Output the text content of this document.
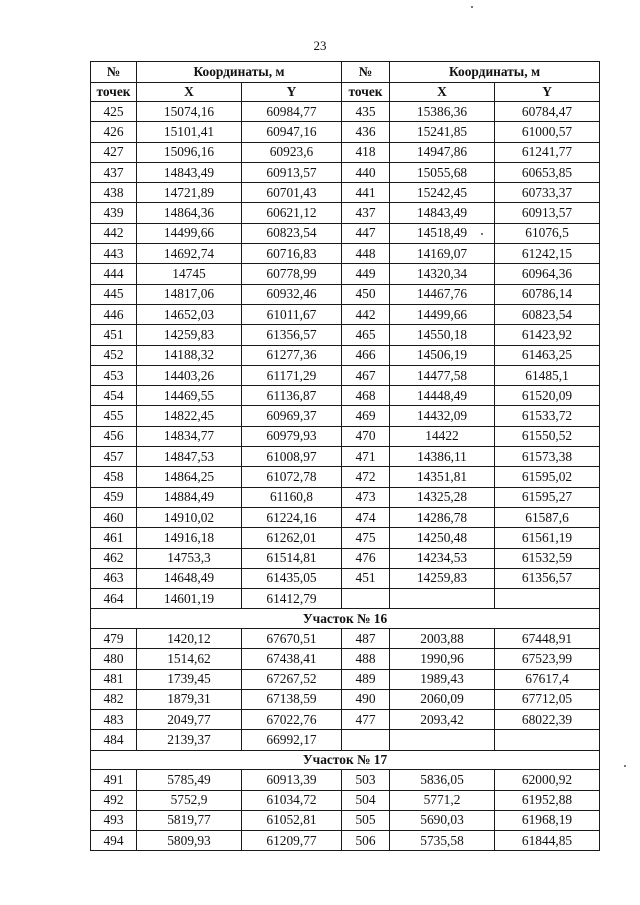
23
№	Координаты, м		№	Координаты, м	
точек	X	Y	точек	X	Y
425	15074,16	60984,77	435	15386,36	60784,47
426	15101,41	60947,16	436	15241,85	61000,57
427	15096,16	60923,6	418	14947,86	61241,77
437	14843,49	60913,57	440	15055,68	60653,85
438	14721,89	60701,43	441	15242,45	60733,37
439	14864,36	60621,12	437	14843,49	60913,57
442	14499,66	60823,54	447	14518,49	61076,5
443	14692,74	60716,83	448	14169,07	61242,15
444	14745	60778,99	449	14320,34	60964,36
445	14817,06	60932,46	450	14467,76	60786,14
446	14652,03	61011,67	442	14499,66	60823,54
451	14259,83	61356,57	465	14550,18	61423,92
452	14188,32	61277,36	466	14506,19	61463,25
453	14403,26	61171,29	467	14477,58	61485,1
454	14469,55	61136,87	468	14448,49	61520,09
455	14822,45	60969,37	469	14432,09	61533,72
456	14834,77	60979,93	470	14422	61550,52
457	14847,53	61008,97	471	14386,11	61573,38
458	14864,25	61072,78	472	14351,81	61595,02
459	14884,49	61160,8	473	14325,28	61595,27
460	14910,02	61224,16	474	14286,78	61587,6
461	14916,18	61262,01	475	14250,48	61561,19
462	14753,3	61514,81	476	14234,53	61532,59
463	14648,49	61435,05	451	14259,83	61356,57
464	14601,19	61412,79			
Участок № 16					
479	1420,12	67670,51	487	2003,88	67448,91
480	1514,62	67438,41	488	1990,96	67523,99
481	1739,45	67267,52	489	1989,43	67617,4
482	1879,31	67138,59	490	2060,09	67712,05
483	2049,77	67022,76	477	2093,42	68022,39
484	2139,37	66992,17			
Участок № 17					
491	5785,49	60913,39	503	5836,05	62000,92
492	5752,9	61034,72	504	5771,2	61952,88
493	5819,77	61052,81	505	5690,03	61968,19
494	5809,93	61209,77	506	5735,58	61844,85
